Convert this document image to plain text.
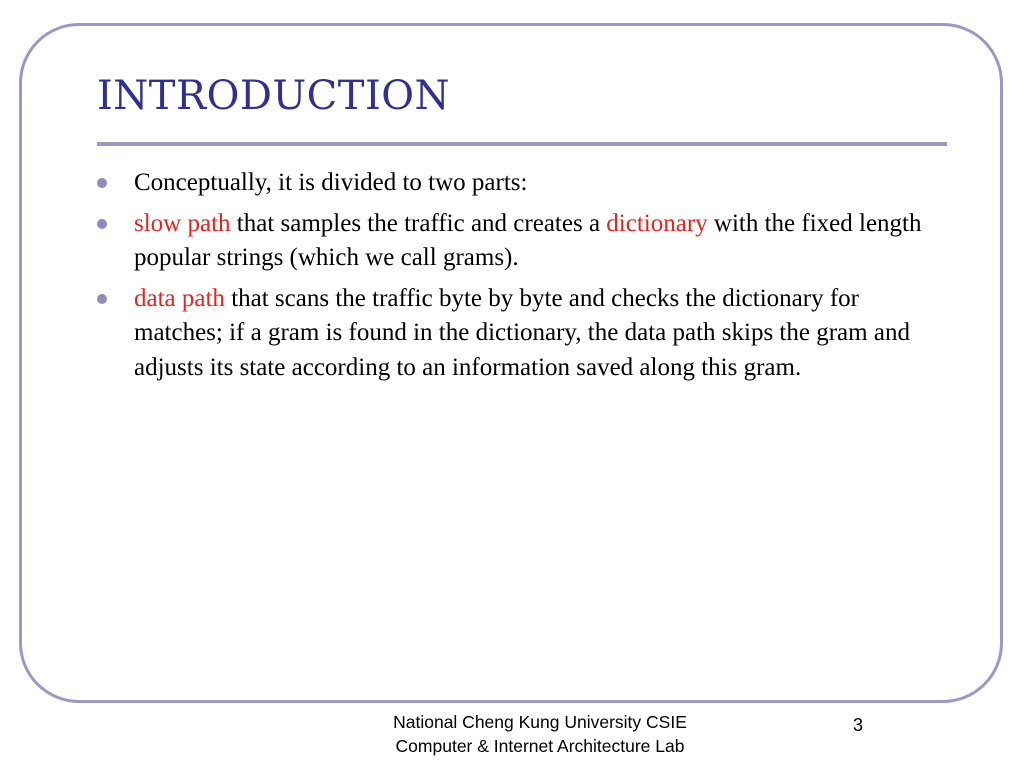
INTRODUCTION
Conceptually, it is divided to two parts:
slow path that samples the traffic and creates a dictionary with the fixed length popular strings (which we call grams).
data path that scans the traffic byte by byte and checks the dictionary for matches; if a gram is found in the dictionary, the data path skips the gram and adjusts its state according to an information saved along this gram.
National Cheng Kung University CSIE
Computer & Internet Architecture Lab
3
